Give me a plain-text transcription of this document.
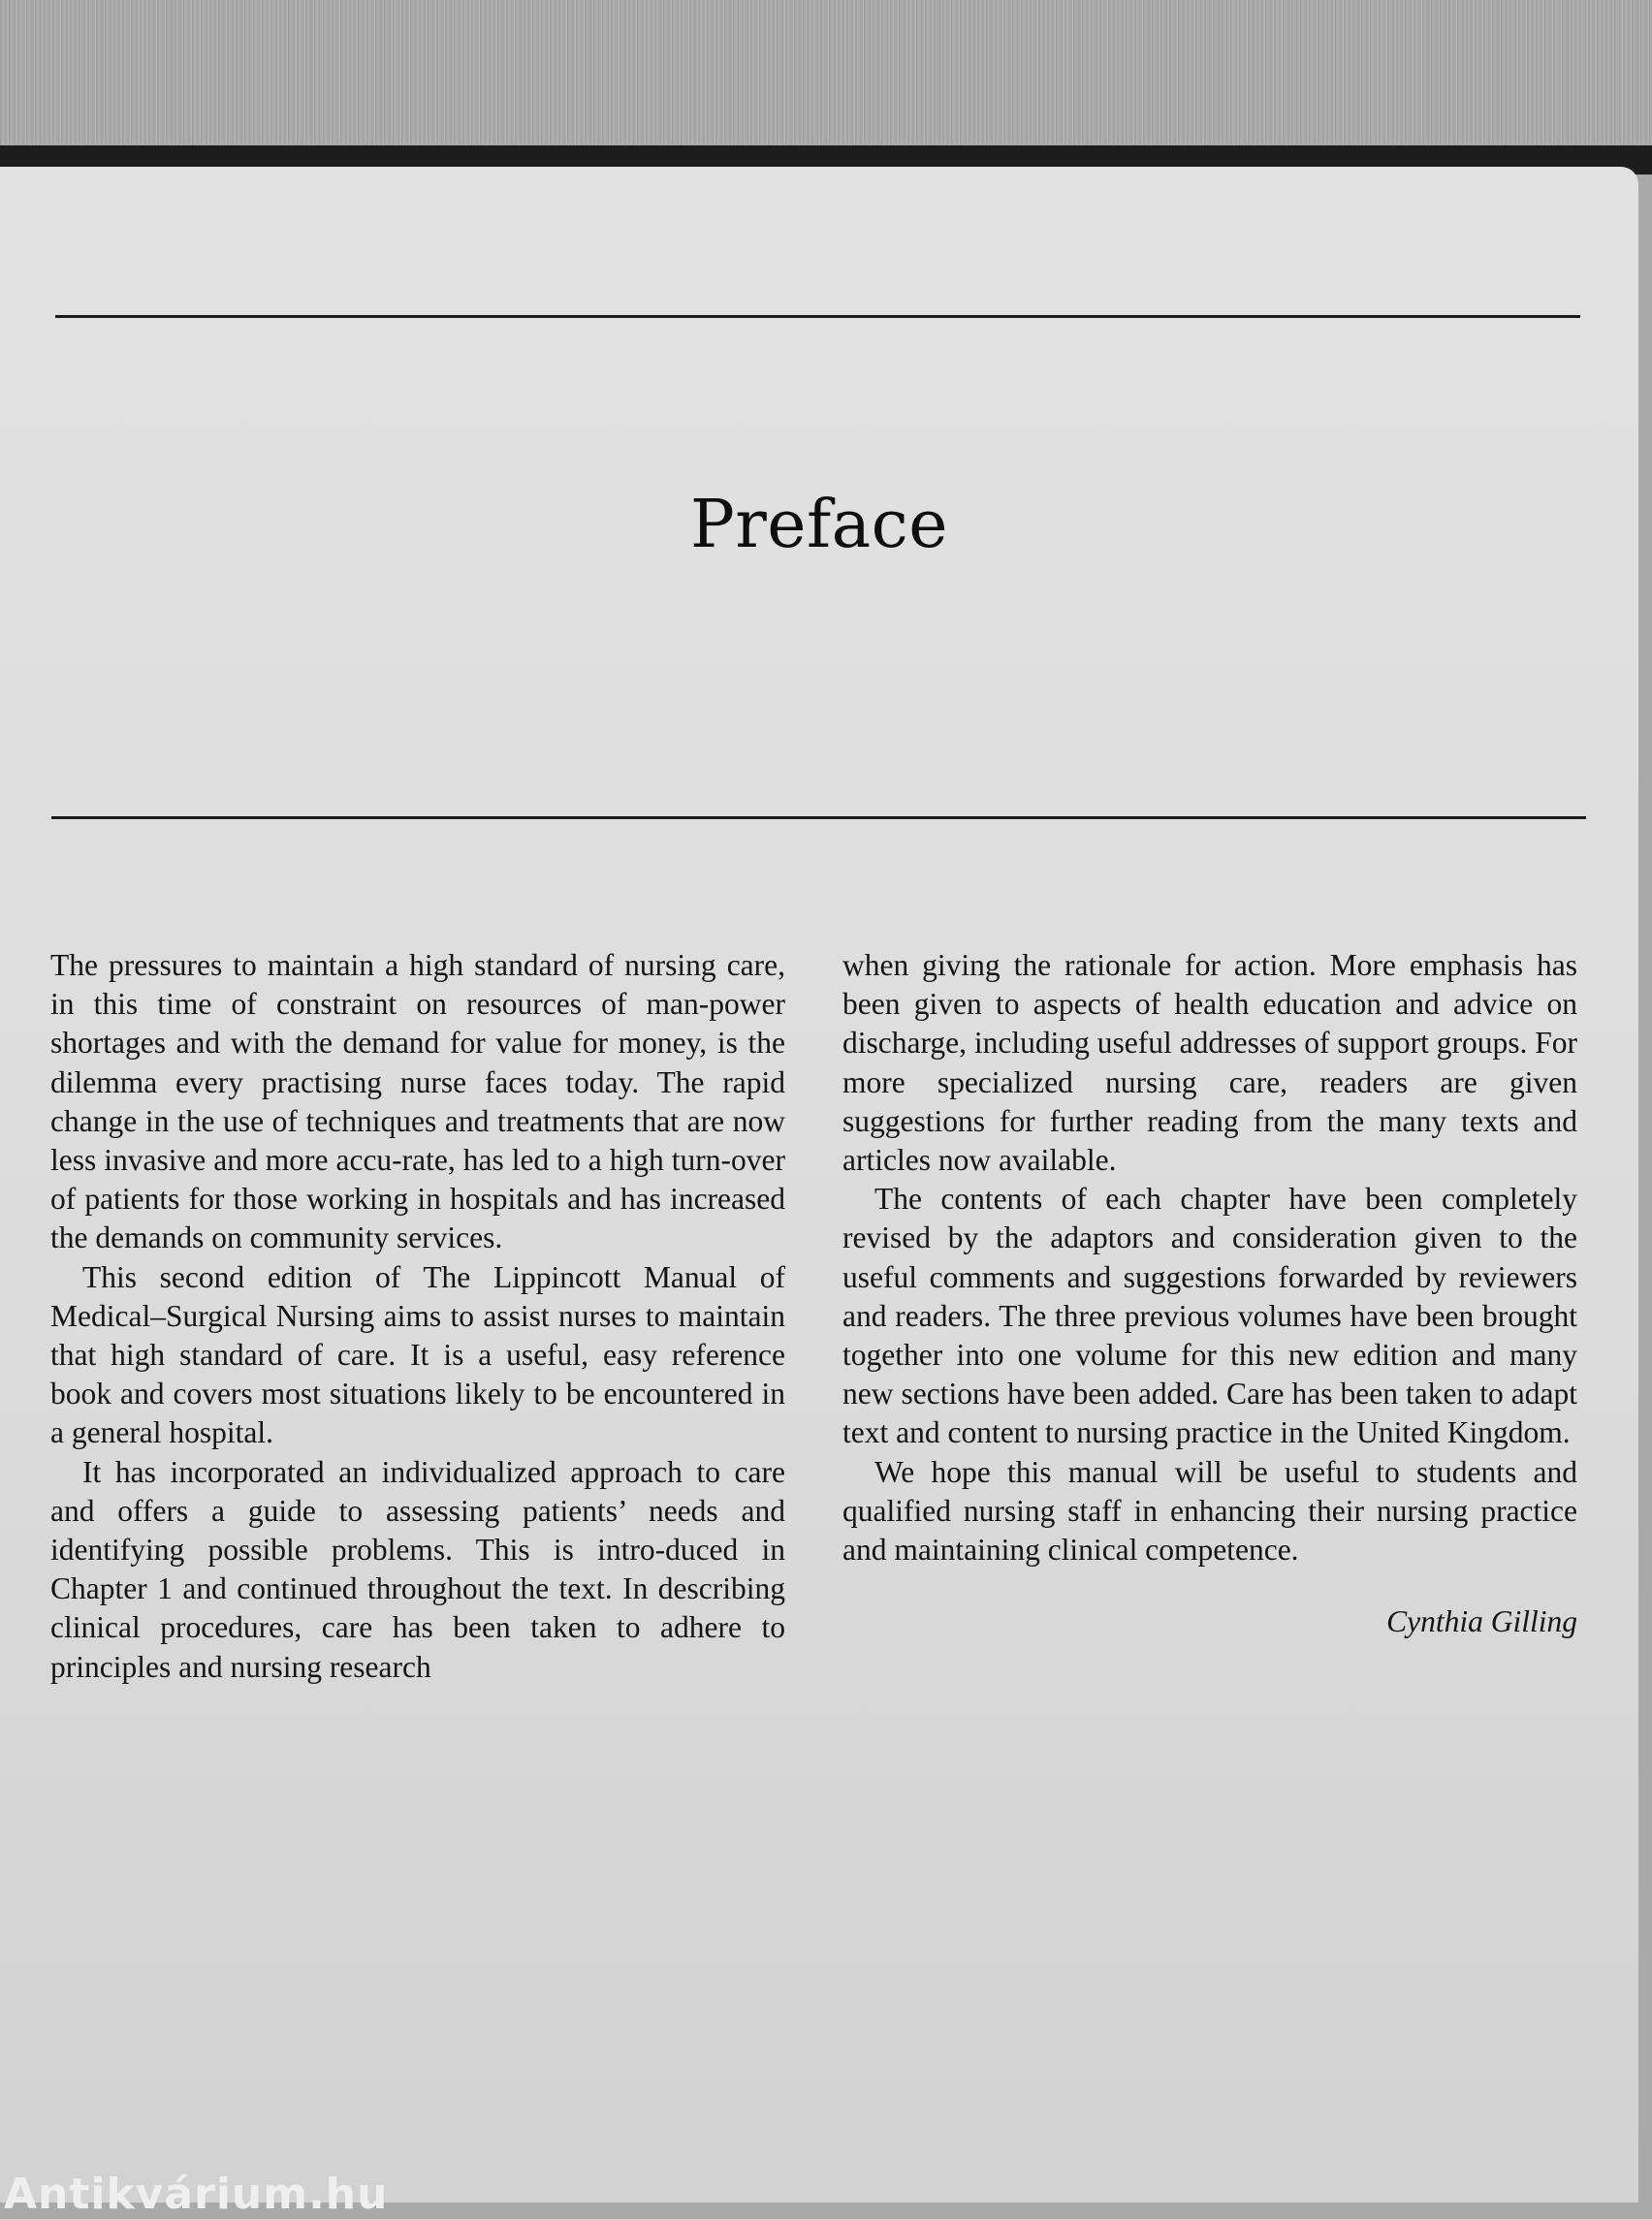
Preface

The pressures to maintain a high standard of nursing care, in this time of constraint on resources of man-power shortages and with the demand for value for money, is the dilemma every practising nurse faces today. The rapid change in the use of techniques and treatments that are now less invasive and more accu-rate, has led to a high turn-over of patients for those working in hospitals and has increased the demands on community services.

This second edition of The Lippincott Manual of Medical–Surgical Nursing aims to assist nurses to maintain that high standard of care. It is a useful, easy reference book and covers most situations likely to be encountered in a general hospital.

It has incorporated an individualized approach to care and offers a guide to assessing patients’ needs and identifying possible problems. This is intro-duced in Chapter 1 and continued throughout the text. In describing clinical procedures, care has been taken to adhere to principles and nursing research

when giving the rationale for action. More emphasis has been given to aspects of health education and advice on discharge, including useful addresses of support groups. For more specialized nursing care, readers are given suggestions for further reading from the many texts and articles now available.

The contents of each chapter have been completely revised by the adaptors and consideration given to the useful comments and suggestions forwarded by reviewers and readers. The three previous volumes have been brought together into one volume for this new edition and many new sections have been added. Care has been taken to adapt text and content to nursing practice in the United Kingdom.

We hope this manual will be useful to students and qualified nursing staff in enhancing their nursing practice and maintaining clinical competence.

Cynthia Gilling
Antikvárium.hu
